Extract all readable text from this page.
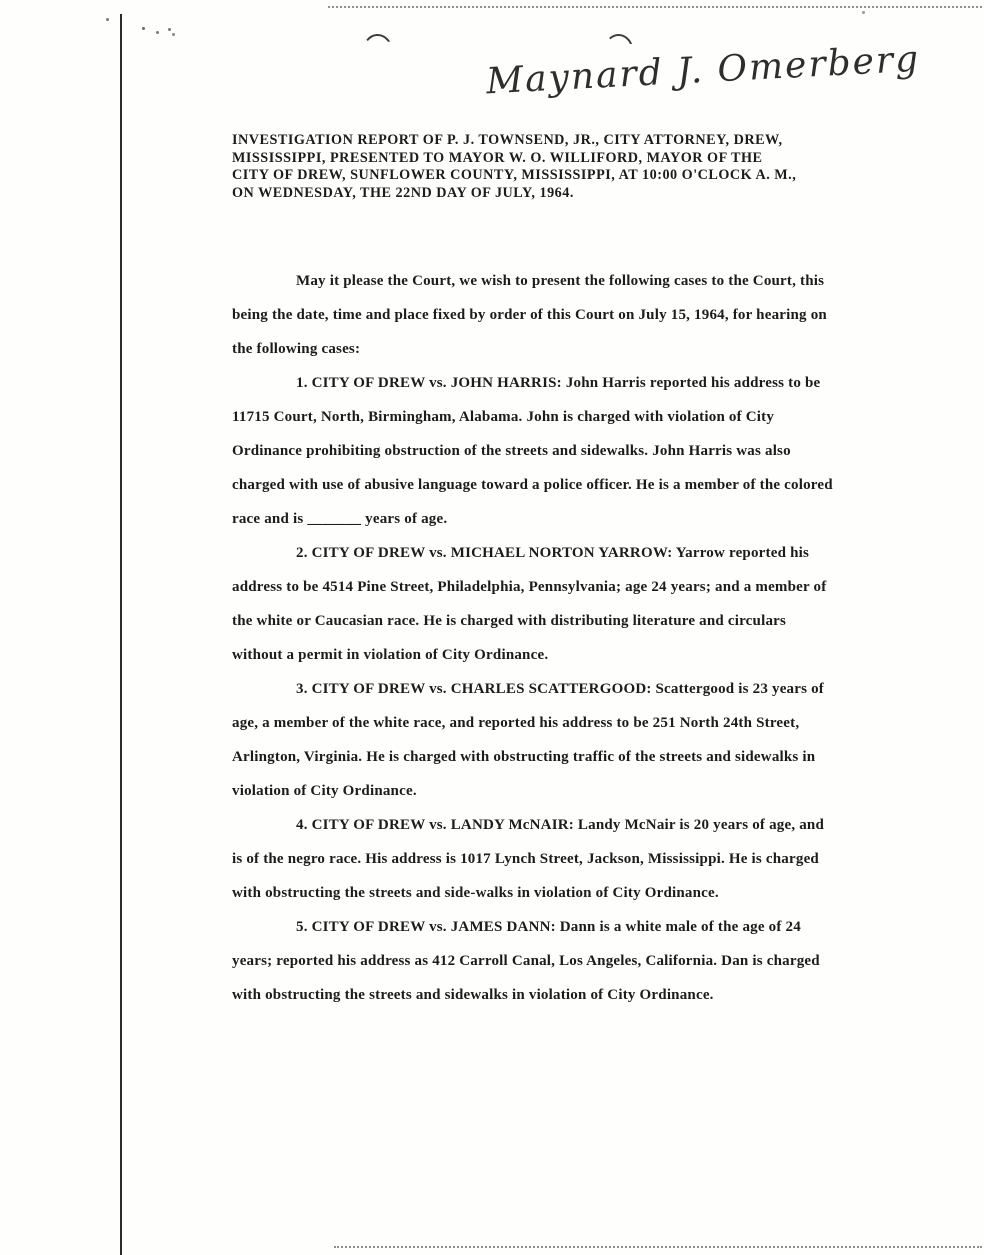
Maynard J. Omerberg
INVESTIGATION REPORT OF P. J. TOWNSEND, JR., CITY ATTORNEY, DREW, MISSISSIPPI, PRESENTED TO MAYOR W. O. WILLIFORD, MAYOR OF THE CITY OF DREW, SUNFLOWER COUNTY, MISSISSIPPI, AT 10:00 O'CLOCK A. M., ON WEDNESDAY, THE 22ND DAY OF JULY, 1964.

May it please the Court, we wish to present the following cases to the Court, this being the date, time and place fixed by order of this Court on July 15, 1964, for hearing on the following cases:

1. CITY OF DREW vs. JOHN HARRIS: John Harris reported his address to be 11715 Court, North, Birmingham, Alabama. John is charged with violation of City Ordinance prohibiting obstruction of the streets and sidewalks. John Harris was also charged with use of abusive language toward a police officer. He is a member of the colored race and is _______ years of age.

2. CITY OF DREW vs. MICHAEL NORTON YARROW: Yarrow reported his address to be 4514 Pine Street, Philadelphia, Pennsylvania; age 24 years; and a member of the white or Caucasian race. He is charged with distributing literature and circulars without a permit in violation of City Ordinance.

3. CITY OF DREW vs. CHARLES SCATTERGOOD: Scattergood is 23 years of age, a member of the white race, and reported his address to be 251 North 24th Street, Arlington, Virginia. He is charged with obstructing traffic of the streets and sidewalks in violation of City Ordinance.

4. CITY OF DREW vs. LANDY McNAIR: Landy McNair is 20 years of age, and is of the negro race. His address is 1017 Lynch Street, Jackson, Mississippi. He is charged with obstructing the streets and side-walks in violation of City Ordinance.

5. CITY OF DREW vs. JAMES DANN: Dann is a white male of the age of 24 years; reported his address as 412 Carroll Canal, Los Angeles, California. Dan is charged with obstructing the streets and sidewalks in violation of City Ordinance.
